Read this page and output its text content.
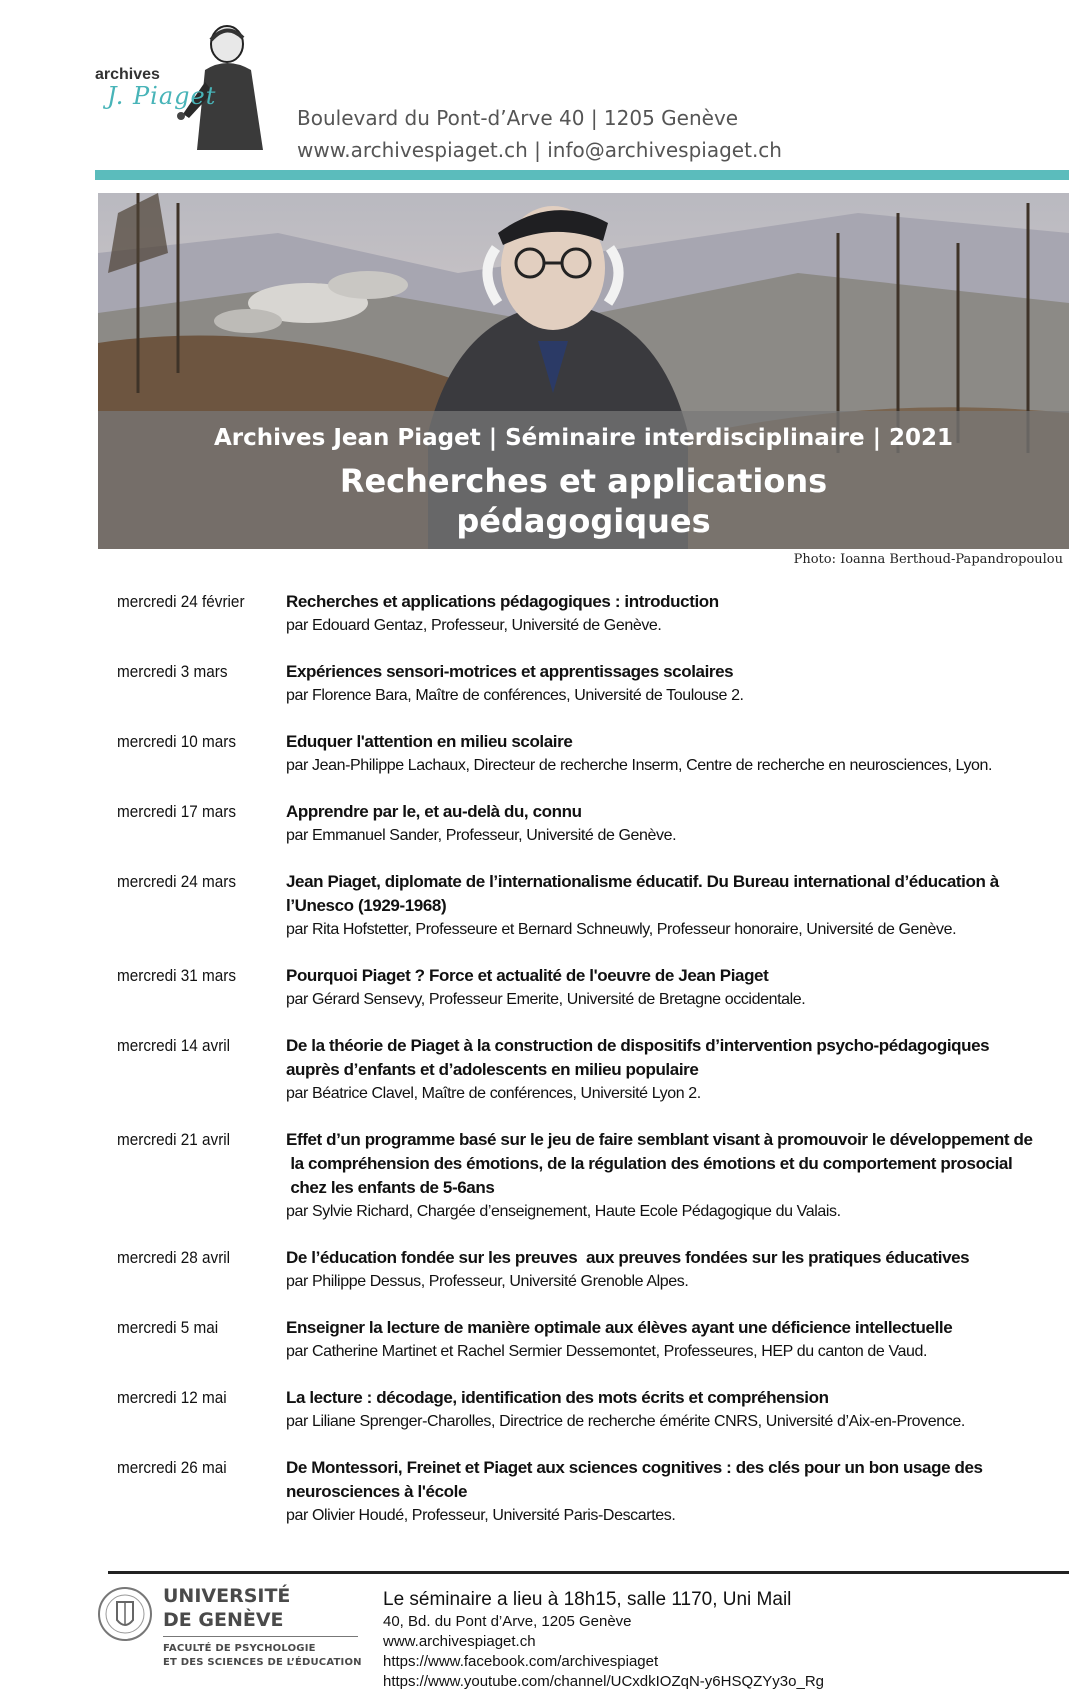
archives
J. Piaget
Boulevard du Pont-d’Arve 40 | 1205 Genève
www.archivespiaget.ch | info@archivespiaget.ch
Archives Jean Piaget | Séminaire interdisciplinaire | 2021
Recherches et applications
pédagogiques
Photo: Ioanna Berthoud-Papandropoulou
mercredi 24 février	Recherches et applications pédagogiques : introduction
par Edouard Gentaz, Professeur, Université de Genève.
mercredi 3 mars	Expériences sensori-motrices et apprentissages scolaires
par Florence Bara, Maître de conférences, Université de Toulouse 2.
mercredi 10 mars	Eduquer l'attention en milieu scolaire
par Jean-Philippe Lachaux, Directeur de recherche Inserm, Centre de recherche en neurosciences, Lyon.
mercredi 17 mars	Apprendre par le, et au-delà du, connu
par Emmanuel Sander, Professeur, Université de Genève.
mercredi 24 mars	Jean Piaget, diplomate de l’internationalisme éducatif. Du Bureau international d’éducation à
l’Unesco (1929-1968)
par Rita Hofstetter, Professeure et Bernard Schneuwly, Professeur honoraire, Université de Genève.
mercredi 31 mars	Pourquoi Piaget ? Force et actualité de l'oeuvre de Jean Piaget
par Gérard Sensevy, Professeur Emerite, Université de Bretagne occidentale.
mercredi 14 avril	De la théorie de Piaget à la construction de dispositifs d’intervention psycho-pédagogiques
auprès d’enfants et d’adolescents en milieu populaire
par Béatrice Clavel, Maître de conférences, Université Lyon 2.
mercredi 21 avril	Effet d’un programme basé sur le jeu de faire semblant visant à promouvoir le développement de
la compréhension des émotions, de la régulation des émotions et du comportement prosocial
chez les enfants de 5-6ans
par Sylvie Richard, Chargée d’enseignement, Haute Ecole Pédagogique du Valais.
mercredi 28 avril	De l’éducation fondée sur les preuves  aux preuves fondées sur les pratiques éducatives
par Philippe Dessus, Professeur, Université Grenoble Alpes.
mercredi 5 mai	Enseigner la lecture de manière optimale aux élèves ayant une déficience intellectuelle
par Catherine Martinet et Rachel Sermier Dessemontet, Professeures, HEP du canton de Vaud.
mercredi 12 mai	La lecture : décodage, identification des mots écrits et compréhension
par Liliane Sprenger-Charolles, Directrice de recherche émérite CNRS, Université d’Aix-en-Provence.
mercredi 26 mai	De Montessori, Freinet et Piaget aux sciences cognitives : des clés pour un bon usage des
neurosciences à l'école
par Olivier Houdé, Professeur, Université Paris-Descartes.
UNIVERSITÉ
DE GENÈVE
FACULTÉ DE PSYCHOLOGIE
ET DES SCIENCES DE L’ÉDUCATION
Le séminaire a lieu à 18h15, salle 1170, Uni Mail
40, Bd. du Pont d’Arve, 1205 Genève
www.archivespiaget.ch
https://www.facebook.com/archivespiaget
https://www.youtube.com/channel/UCxdkIOZqN-y6HSQZYy3o_Rg
